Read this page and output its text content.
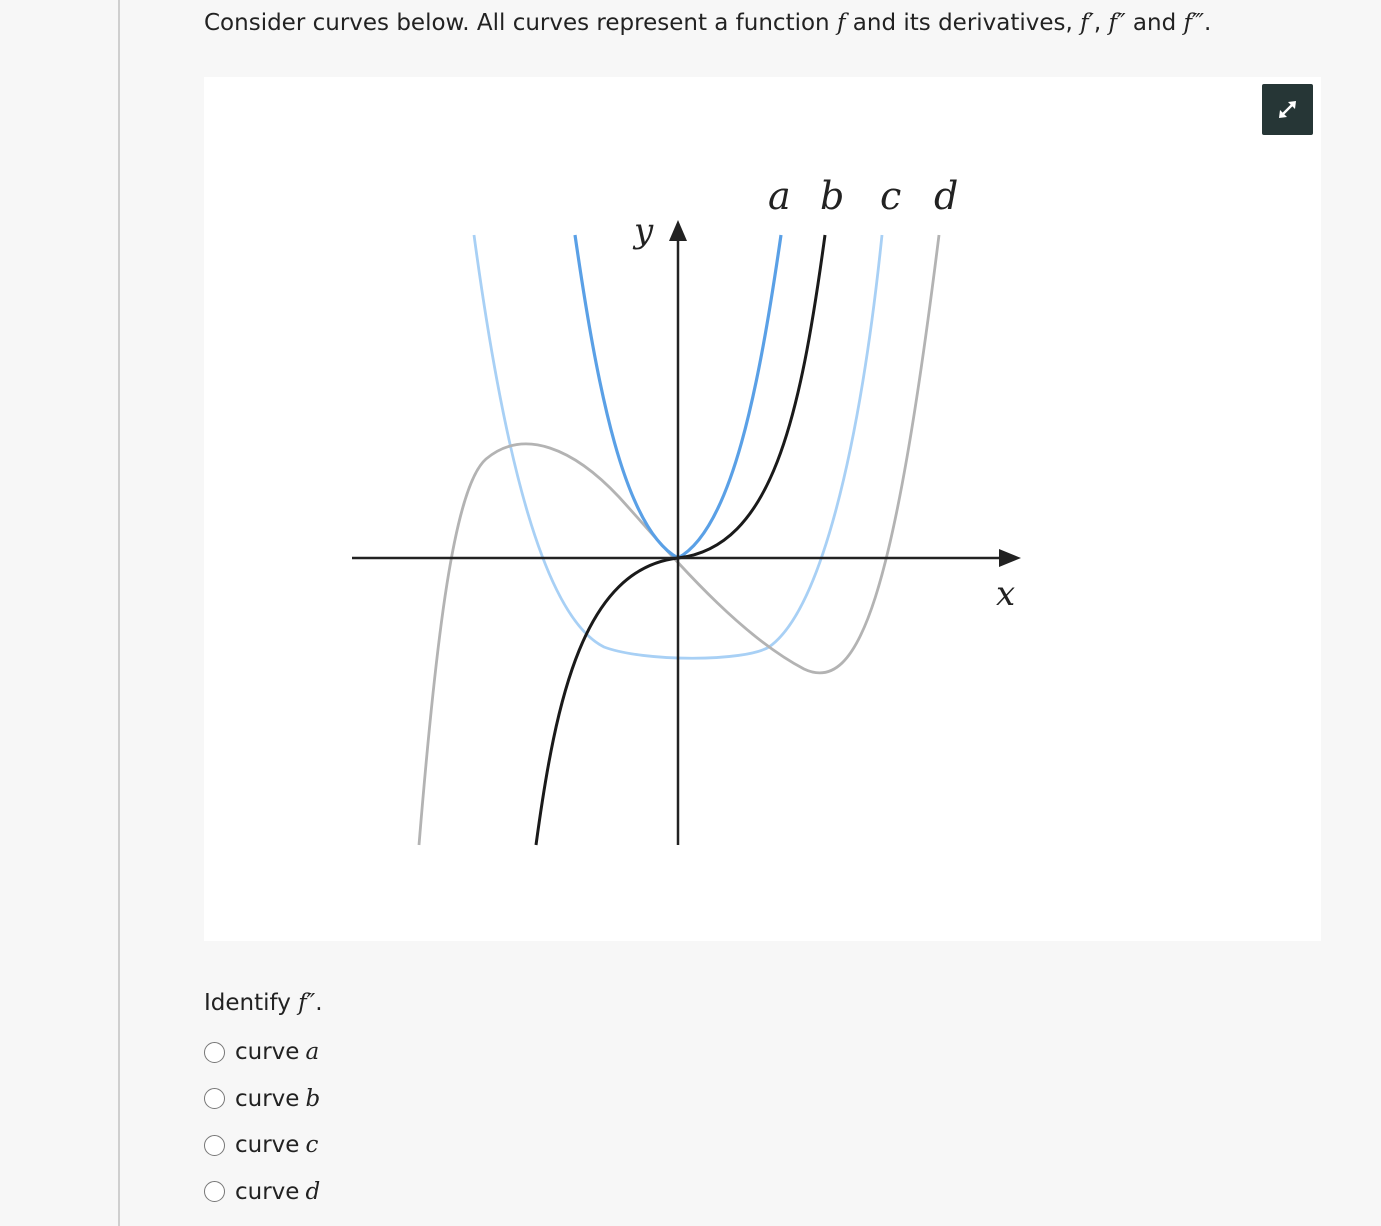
Consider curves below. All curves represent a function f and its derivatives, f′, f″ and f‴.
y
x
a b c d
Identify f″.
curve a
curve b
curve c
curve d
